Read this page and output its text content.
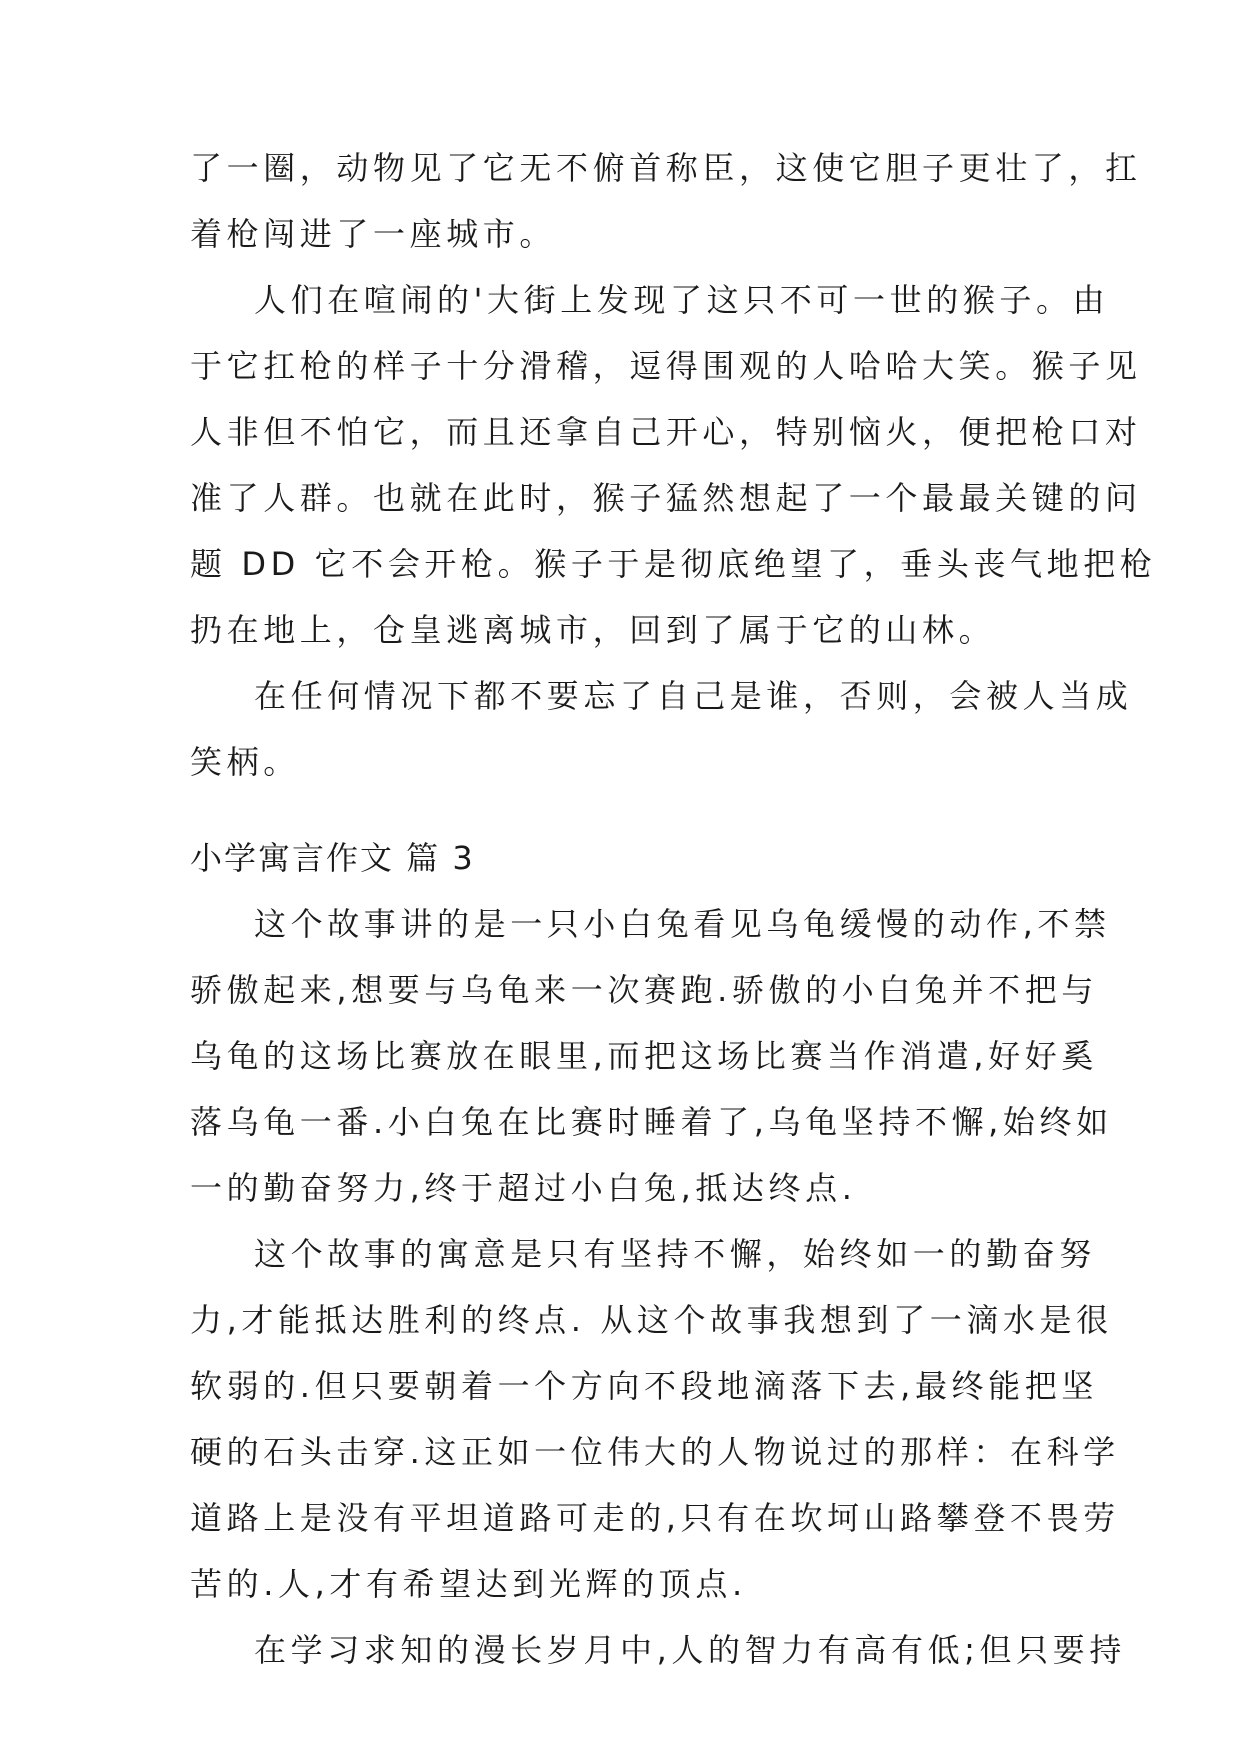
了一圈，动物见了它无不俯首称臣，这使它胆子更壮了，扛
着枪闯进了一座城市。
人们在喧闹的'大街上发现了这只不可一世的猴子。由
于它扛枪的样子十分滑稽，逗得围观的人哈哈大笑。猴子见
人非但不怕它，而且还拿自己开心，特别恼火，便把枪口对
准了人群。也就在此时，猴子猛然想起了一个最最关键的问
题 DD 它不会开枪。猴子于是彻底绝望了，垂头丧气地把枪
扔在地上，仓皇逃离城市，回到了属于它的山林。
在任何情况下都不要忘了自己是谁，否则，会被人当成
笑柄。
小学寓言作文 篇 3
这个故事讲的是一只小白兔看见乌龟缓慢的动作,不禁
骄傲起来,想要与乌龟来一次赛跑.骄傲的小白兔并不把与
乌龟的这场比赛放在眼里,而把这场比赛当作消遣,好好奚
落乌龟一番.小白兔在比赛时睡着了,乌龟坚持不懈,始终如
一的勤奋努力,终于超过小白兔,抵达终点.
这个故事的寓意是只有坚持不懈，始终如一的勤奋努
力,才能抵达胜利的终点. 从这个故事我想到了一滴水是很
软弱的.但只要朝着一个方向不段地滴落下去,最终能把坚
硬的石头击穿.这正如一位伟大的人物说过的那样：在科学
道路上是没有平坦道路可走的,只有在坎坷山路攀登不畏劳
苦的.人,才有希望达到光辉的顶点.
在学习求知的漫长岁月中,人的智力有高有低;但只要持
